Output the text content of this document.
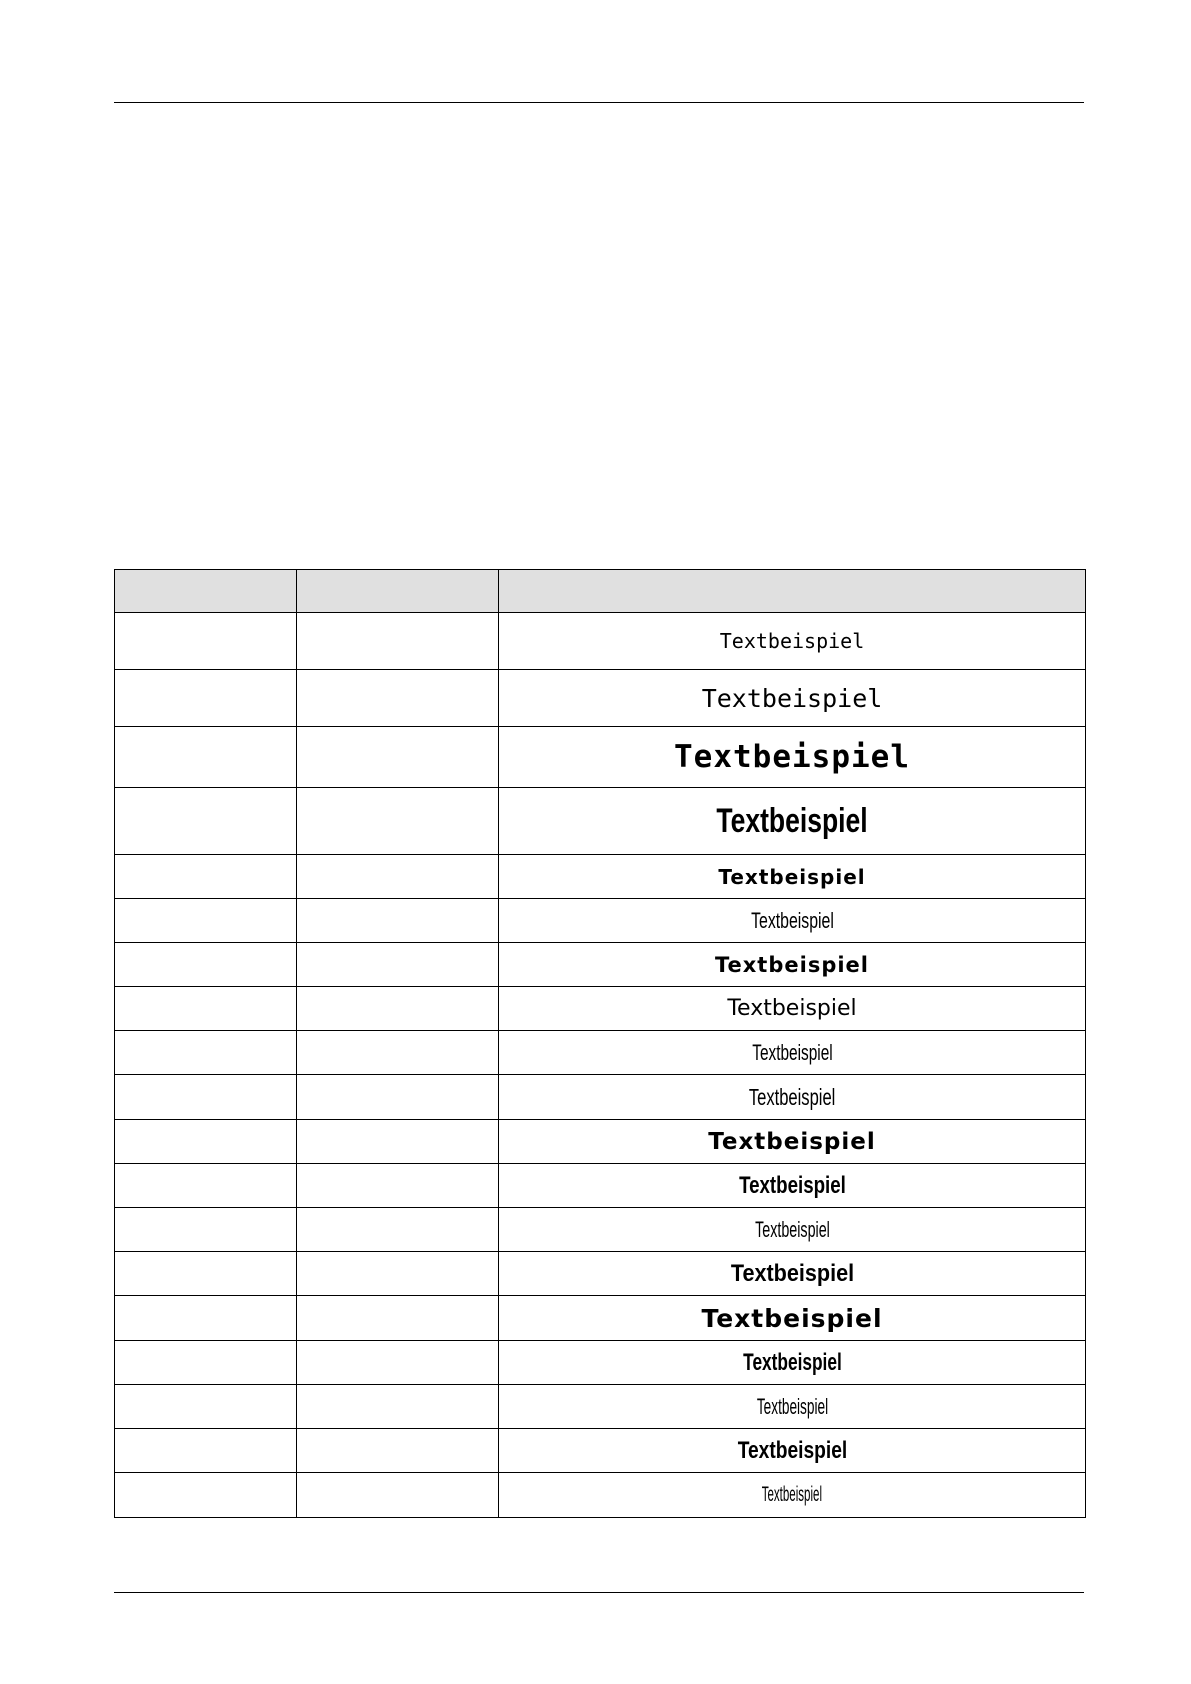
		Textbeispiel
		Textbeispiel
		Textbeispiel
		Textbeispiel
		Textbeispiel
		Textbeispiel
		Textbeispiel
		Textbeispiel
		Textbeispiel
		Textbeispiel
		Textbeispiel
		Textbeispiel
		Textbeispiel
		Textbeispiel
		Textbeispiel
		Textbeispiel
		Textbeispiel
		Textbeispiel
		Textbeispiel
